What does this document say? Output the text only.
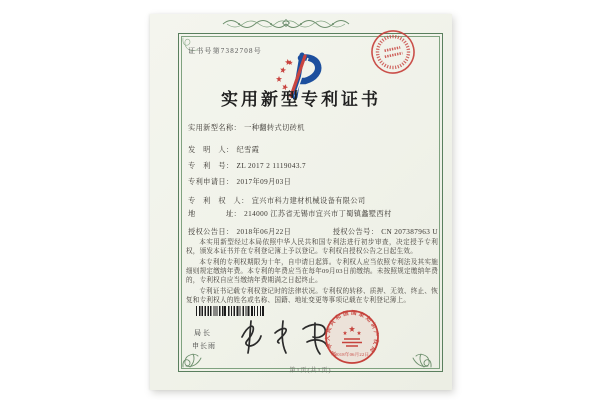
证书号第7382708号
实用新型专利证书
实用新型名称： 一种翻转式切砖机
发　明　人： 纪雪霞
专　利　号： ZL 2017 2 1119043.7
专利申请日： 2017年09月03日
专　利　权　人： 宜兴市科力建材机械设备有限公司
地　　　　址： 214000 江苏省无锡市宜兴市丁蜀镇蠡墅西村
授权公告日： 2018年06月22日	授权公告号： CN 207387963 U

本实用新型经过本局依照中华人民共和国专利法进行初步审查，决定授予专利权，颁发本证书并在专利登记簿上予以登记。专利权自授权公告之日起生效。

本专利的专利权期限为十年，自申请日起算。专利权人应当依照专利法及其实施细则规定缴纳年费。本专利的年费应当在每年09月03日前缴纳。未按照规定缴纳年费的，专利权自应当缴纳年费期满之日起终止。

专利证书记载专利权登记时的法律状况。专利权的转移、质押、无效、终止、恢复和专利权人的姓名或名称、国籍、地址变更等事项记载在专利登记簿上。

局长
申长雨
中华人民共和国国家知识产权局
2018年06月22日
第1页(共1页)
